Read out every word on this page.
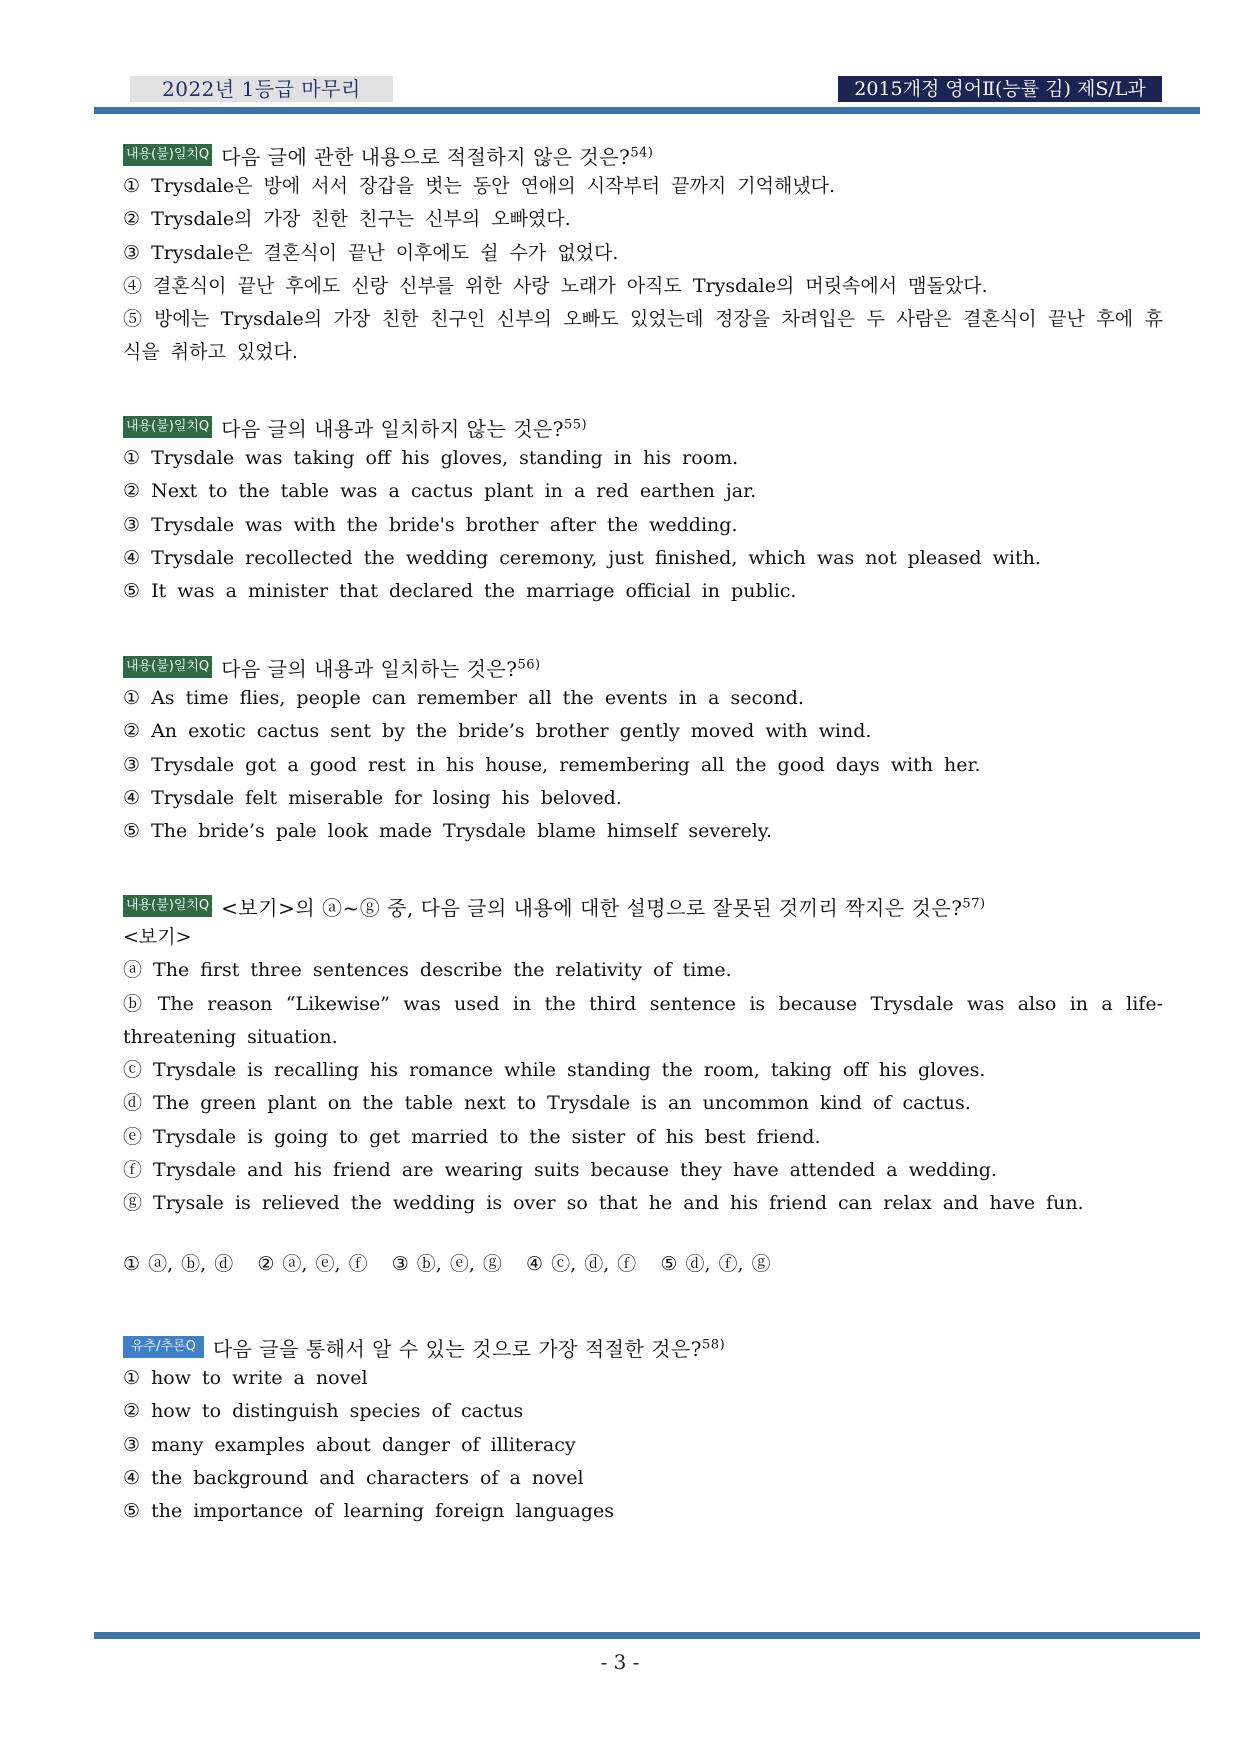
2022년 1등급 마무리	2015개정 영어Ⅱ(능률 김) 제S/L과
내용(불)일치Q 다음 글에 관한 내용으로 적절하지 않은 것은?$^{54)}$
① Trysdale은 방에 서서 장갑을 벗는 동안 연애의 시작부터 끝까지 기억해냈다.
② Trysdale의 가장 친한 친구는 신부의 오빠였다.
③ Trysdale은 결혼식이 끝난 이후에도 쉴 수가 없었다.
④ 결혼식이 끝난 후에도 신랑 신부를 위한 사랑 노래가 아직도 Trysdale의 머릿속에서 맴돌았다.
⑤ 방에는 Trysdale의 가장 친한 친구인 신부의 오빠도 있었는데 정장을 차려입은 두 사람은 결혼식이 끝난 후에 휴식을 취하고 있었다.
내용(불)일치Q 다음 글의 내용과 일치하지 않는 것은?$^{55)}$
① Trysdale was taking off his gloves, standing in his room.
② Next to the table was a cactus plant in a red earthen jar.
③ Trysdale was with the bride's brother after the wedding.
④ Trysdale recollected the wedding ceremony, just finished, which was not pleased with.
⑤ It was a minister that declared the marriage official in public.
내용(불)일치Q 다음 글의 내용과 일치하는 것은?$^{56)}$
① As time flies, people can remember all the events in a second.
② An exotic cactus sent by the bride’s brother gently moved with wind.
③ Trysdale got a good rest in his house, remembering all the good days with her.
④ Trysdale felt miserable for losing his beloved.
⑤ The bride’s pale look made Trysdale blame himself severely.
내용(불)일치Q <보기>의 ⓐ~ⓖ 중, 다음 글의 내용에 대한 설명으로 잘못된 것끼리 짝지은 것은?$^{57)}$
<보기>
ⓐ The first three sentences describe the relativity of time.
ⓑ The reason “Likewise” was used in the third sentence is because Trysdale was also in a life-threatening situation.
ⓒ Trysdale is recalling his romance while standing the room, taking off his gloves.
ⓓ The green plant on the table next to Trysdale is an uncommon kind of cactus.
ⓔ Trysdale is going to get married to the sister of his best friend.
ⓕ Trysdale and his friend are wearing suits because they have attended a wedding.
ⓖ Trysale is relieved the wedding is over so that he and his friend can relax and have fun.
① ⓐ, ⓑ, ⓓ   ② ⓐ, ⓔ, ⓕ   ③ ⓑ, ⓔ, ⓖ   ④ ⓒ, ⓓ, ⓕ   ⑤ ⓓ, ⓕ, ⓖ
유추/추론Q 다음 글을 통해서 알 수 있는 것으로 가장 적절한 것은?$^{58)}$
① how to write a novel
② how to distinguish species of cactus
③ many examples about danger of illiteracy
④ the background and characters of a novel
⑤ the importance of learning foreign languages
- 3 -
